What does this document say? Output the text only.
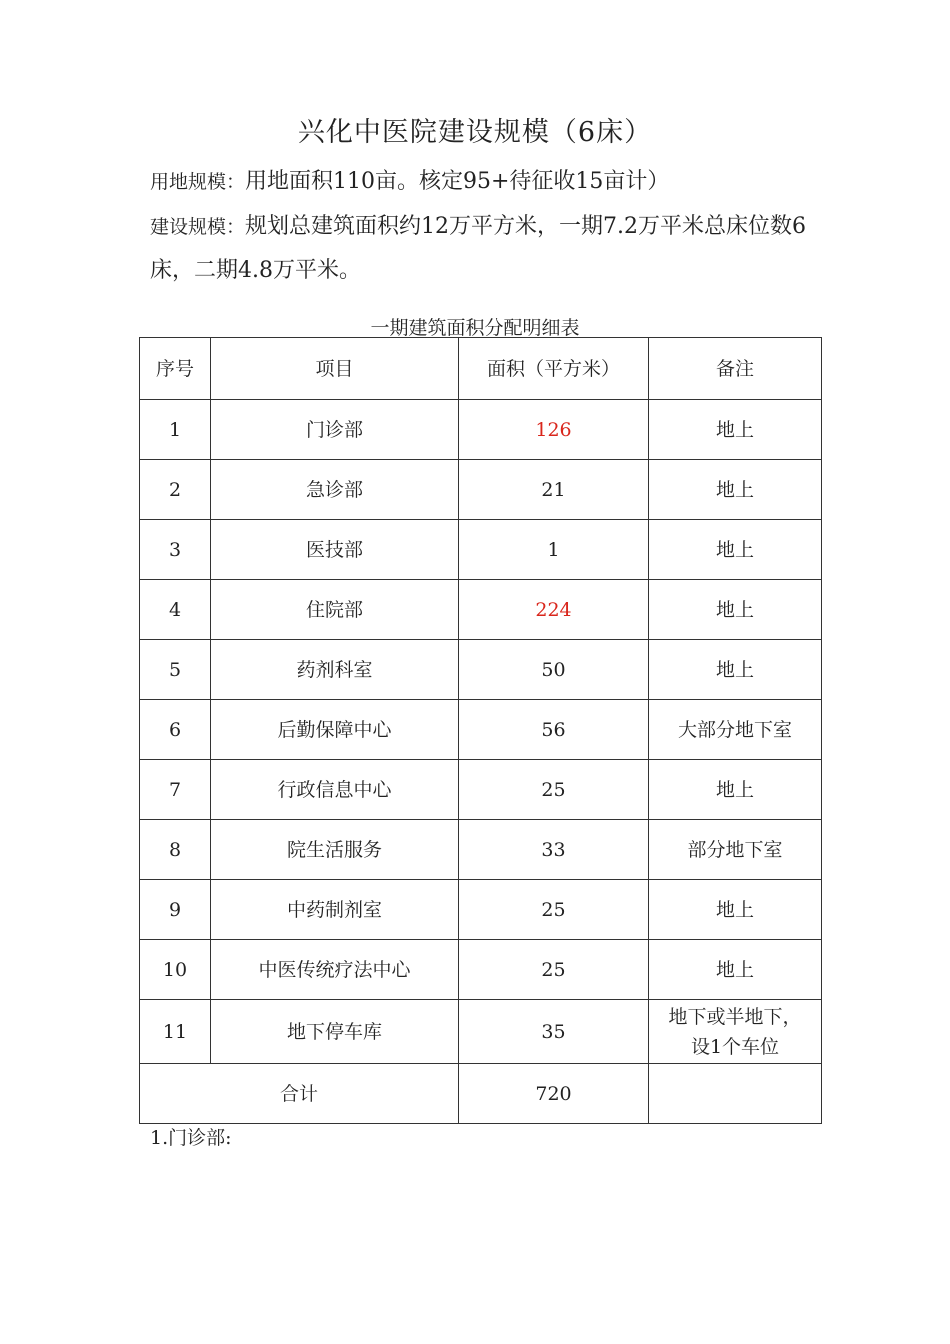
兴化中医院建设规模（6床）
用地规模：用地面积110亩。核定95+待征收15亩计）
建设规模：规划总建筑面积约12万平方米，一期7.2万平米总床位数6床，二期4.8万平米。
一期建筑面积分配明细表
序号	项目	面积（平方米）	备注
1	门诊部	126	地上
2	急诊部	21	地上
3	医技部	1	地上
4	住院部	224	地上
5	药剂科室	50	地上
6	后勤保障中心	56	大部分地下室
7	行政信息中心	25	地上
8	院生活服务	33	部分地下室
9	中药制剂室	25	地上
10	中医传统疗法中心	25	地上
11	地下停车库	35	地下或半地下，
设1个车位

合计		720	
1.门诊部:
